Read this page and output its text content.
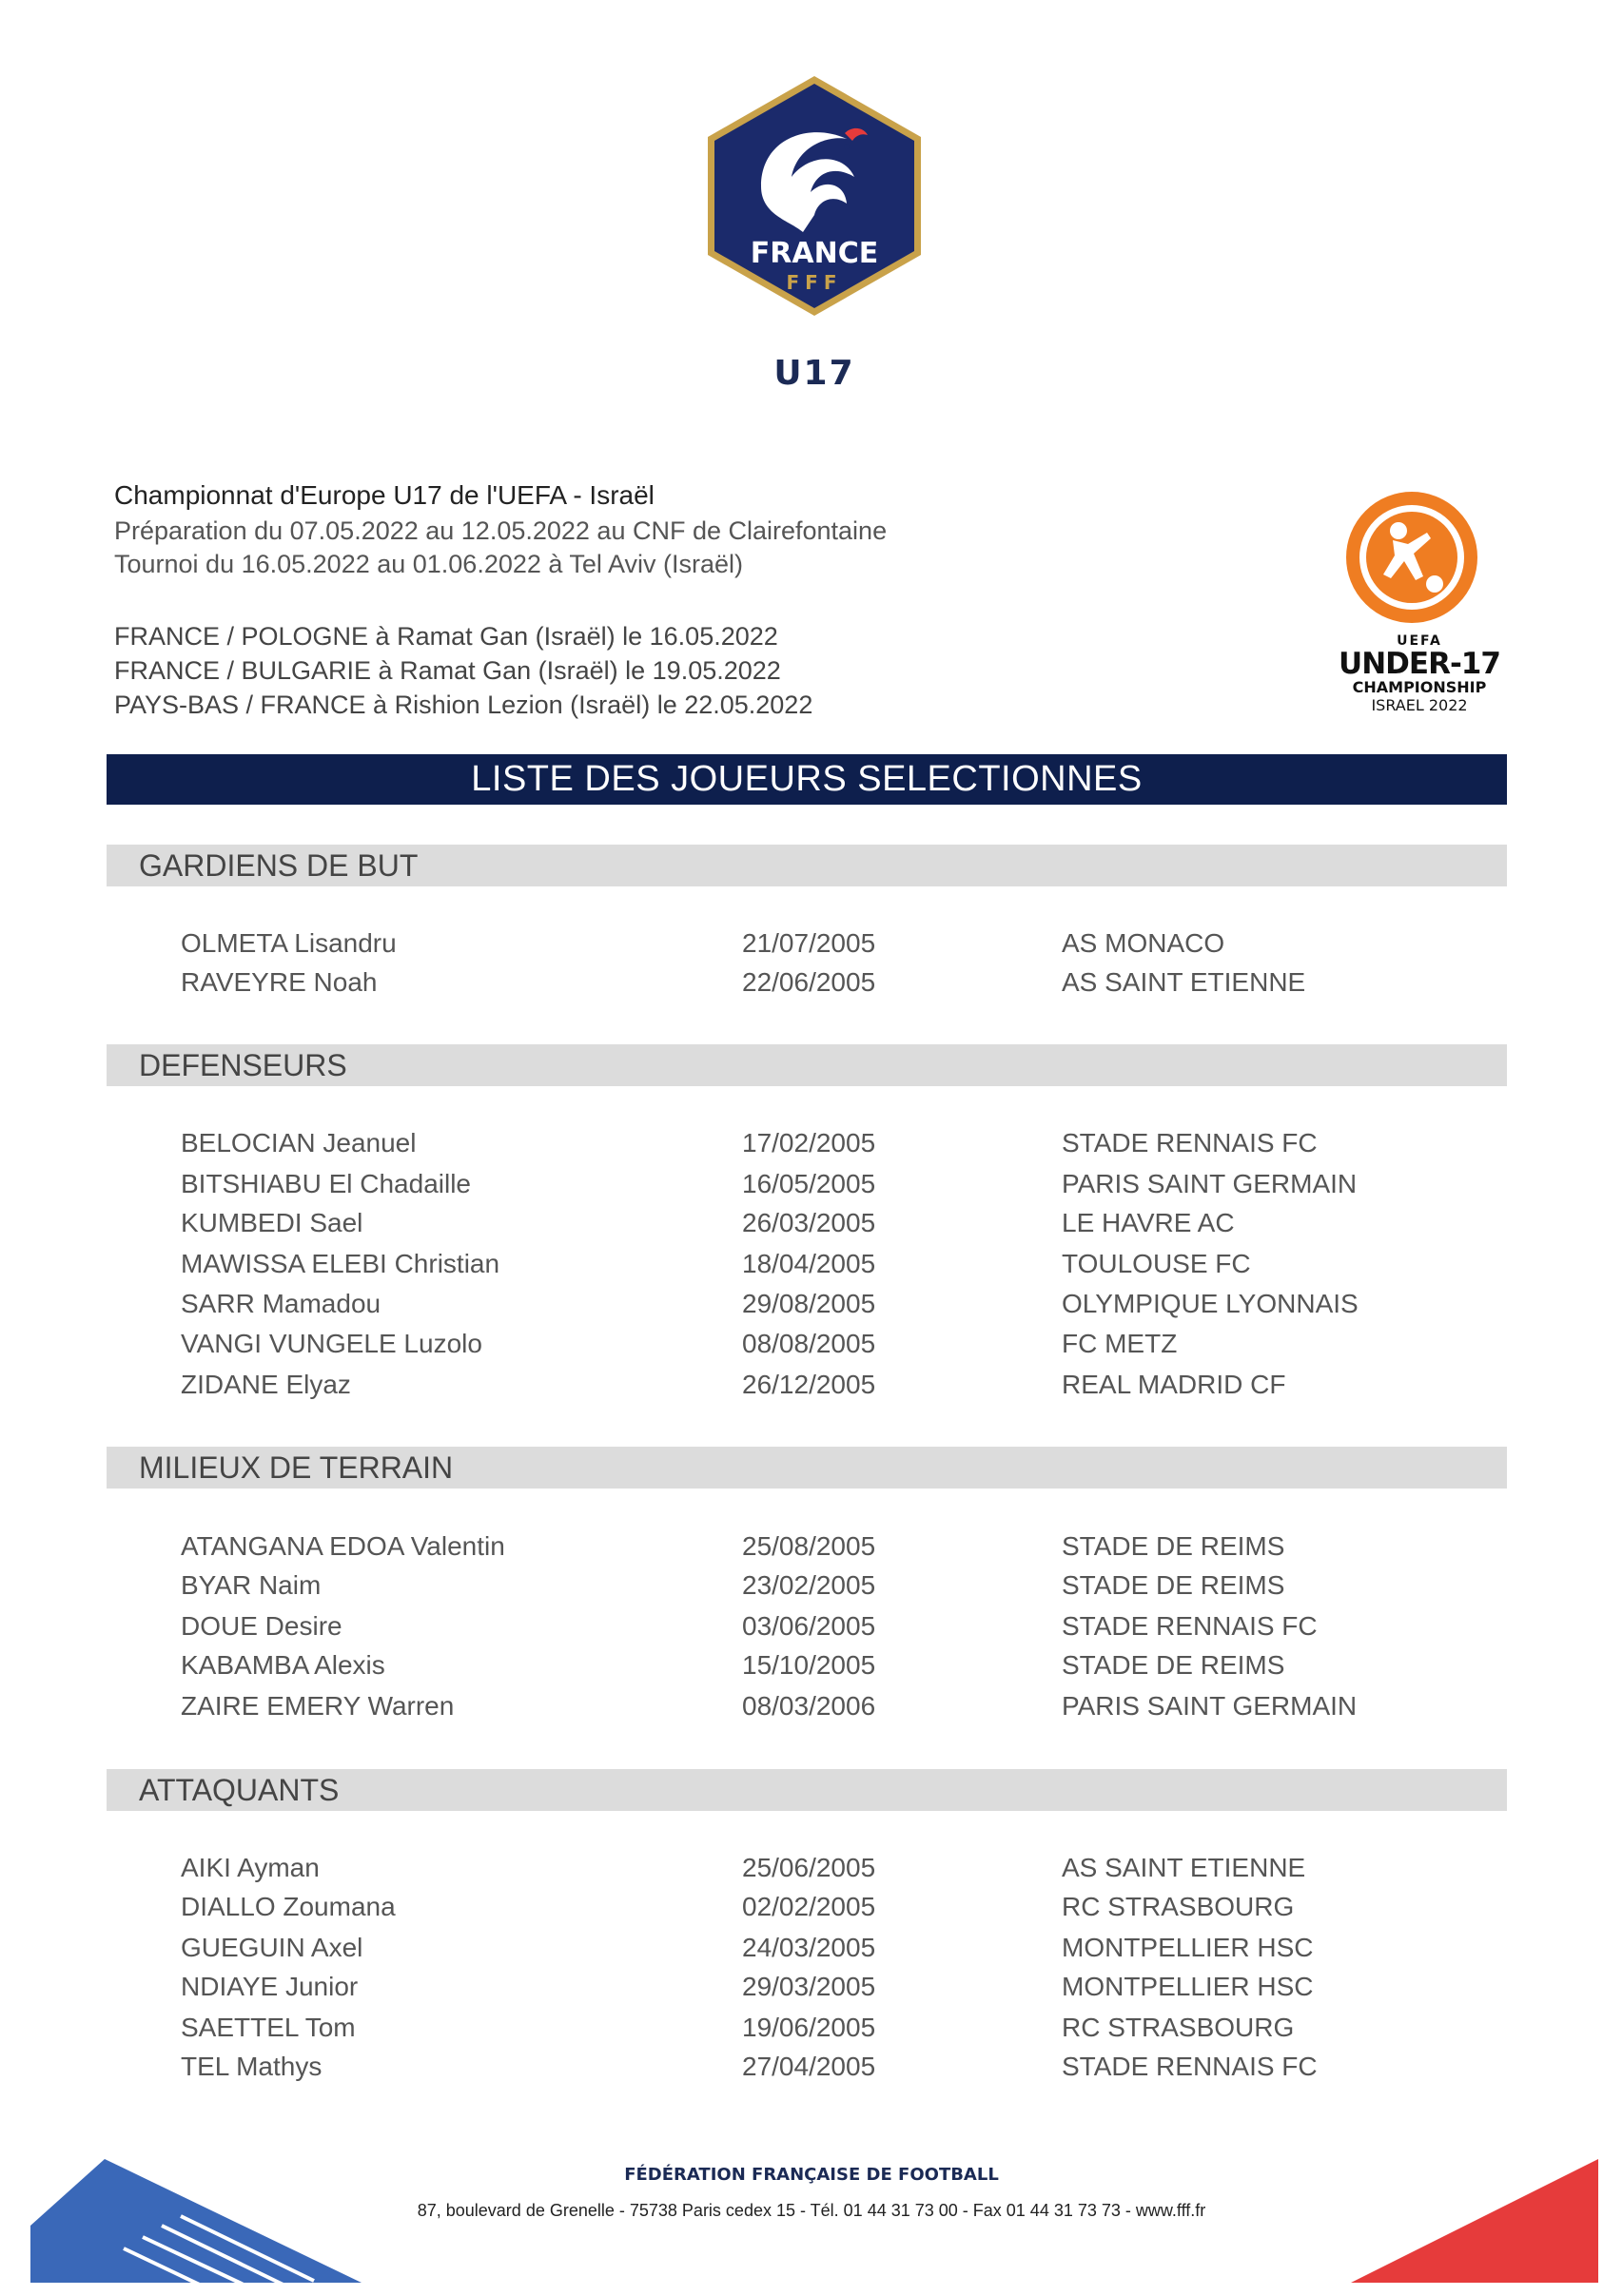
FRANCE
FFF
U17
Championnat d'Europe U17 de l'UEFA - Israël
Préparation du 07.05.2022 au 12.05.2022 au CNF de Clairefontaine
Tournoi du 16.05.2022 au 01.06.2022 à Tel Aviv (Israël)
FRANCE / POLOGNE à Ramat Gan (Israël) le 16.05.2022
FRANCE / BULGARIE à Ramat Gan (Israël) le 19.05.2022
PAYS-BAS / FRANCE à Rishion Lezion (Israël) le 22.05.2022
UEFA
UNDER-17
CHAMPIONSHIP
ISRAEL 2022
LISTE DES JOUEURS SELECTIONNES
GARDIENS DE BUT
OLMETA Lisandru	21/07/2005	AS MONACO
RAVEYRE Noah	22/06/2005	AS SAINT ETIENNE
DEFENSEURS
BELOCIAN Jeanuel	17/02/2005	STADE RENNAIS FC
BITSHIABU El Chadaille	16/05/2005	PARIS SAINT GERMAIN
KUMBEDI Sael	26/03/2005	LE HAVRE AC
MAWISSA ELEBI Christian	18/04/2005	TOULOUSE FC
SARR Mamadou	29/08/2005	OLYMPIQUE LYONNAIS
VANGI VUNGELE Luzolo	08/08/2005	FC METZ
ZIDANE Elyaz	26/12/2005	REAL MADRID CF
MILIEUX DE TERRAIN
ATANGANA EDOA Valentin	25/08/2005	STADE DE REIMS
BYAR Naim	23/02/2005	STADE DE REIMS
DOUE Desire	03/06/2005	STADE RENNAIS FC
KABAMBA Alexis	15/10/2005	STADE DE REIMS
ZAIRE EMERY Warren	08/03/2006	PARIS SAINT GERMAIN
ATTAQUANTS
AIKI Ayman	25/06/2005	AS SAINT ETIENNE
DIALLO Zoumana	02/02/2005	RC STRASBOURG
GUEGUIN Axel	24/03/2005	MONTPELLIER HSC
NDIAYE Junior	29/03/2005	MONTPELLIER HSC
SAETTEL Tom	19/06/2005	RC STRASBOURG
TEL Mathys	27/04/2005	STADE RENNAIS FC
FÉDÉRATION FRANÇAISE DE FOOTBALL
87, boulevard de Grenelle - 75738 Paris cedex 15 - Tél. 01 44 31 73 00 - Fax 01 44 31 73 73 - www.fff.fr
